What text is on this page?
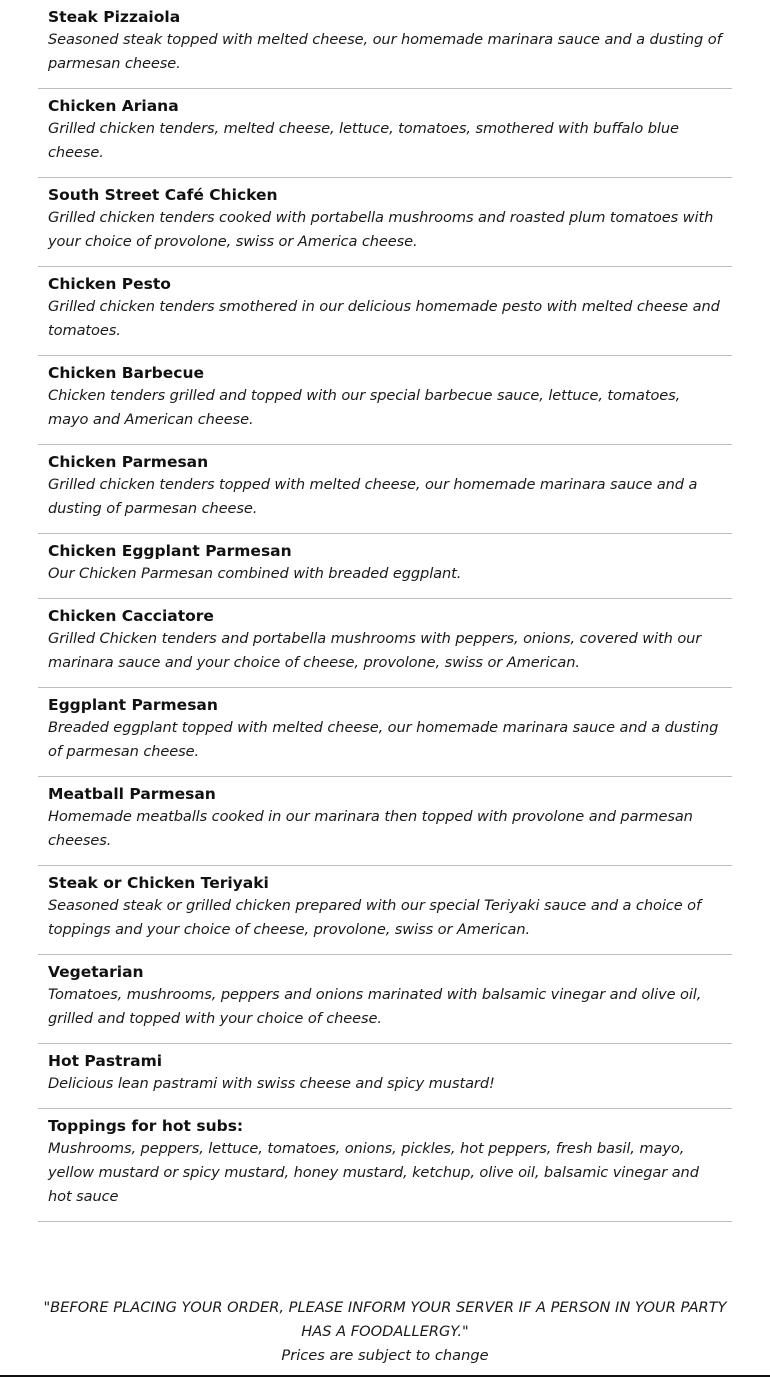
Steak Pizzaiola
Seasoned steak topped with melted cheese, our homemade marinara sauce and a dusting of parmesan cheese.
Chicken Ariana
Grilled chicken tenders, melted cheese, lettuce, tomatoes, smothered with buffalo blue cheese.
South Street Café Chicken
Grilled chicken tenders cooked with portabella mushrooms and roasted plum tomatoes with your choice of provolone, swiss or America cheese.
Chicken Pesto
Grilled chicken tenders smothered in our delicious homemade pesto with melted cheese and tomatoes.
Chicken Barbecue
Chicken tenders grilled and topped with our special barbecue sauce, lettuce, tomatoes, mayo and American cheese.
Chicken Parmesan
Grilled chicken tenders topped with melted cheese, our homemade marinara sauce and a dusting of parmesan cheese.
Chicken Eggplant Parmesan
Our Chicken Parmesan combined with breaded eggplant.
Chicken Cacciatore
Grilled Chicken tenders and portabella mushrooms with peppers, onions, covered with our marinara sauce and your choice of cheese, provolone, swiss or American.
Eggplant Parmesan
Breaded eggplant topped with melted cheese, our homemade marinara sauce and a dusting of parmesan cheese.
Meatball Parmesan
Homemade meatballs cooked in our marinara then topped with provolone and parmesan cheeses.
Steak or Chicken Teriyaki
Seasoned steak or grilled chicken prepared with our special Teriyaki sauce and a choice of toppings and your choice of cheese, provolone, swiss or American.
Vegetarian
Tomatoes, mushrooms, peppers and onions marinated with balsamic vinegar and olive oil, grilled and topped with your choice of cheese.
Hot Pastrami
Delicious lean pastrami with swiss cheese and spicy mustard!
Toppings for hot subs:
Mushrooms, peppers, lettuce, tomatoes, onions, pickles, hot peppers, fresh basil, mayo, yellow mustard or spicy mustard, honey mustard, ketchup, olive oil, balsamic vinegar and hot sauce

"BEFORE PLACING YOUR ORDER, PLEASE INFORM YOUR SERVER IF A PERSON IN YOUR PARTY HAS A FOODALLERGY."

Prices are subject to change
